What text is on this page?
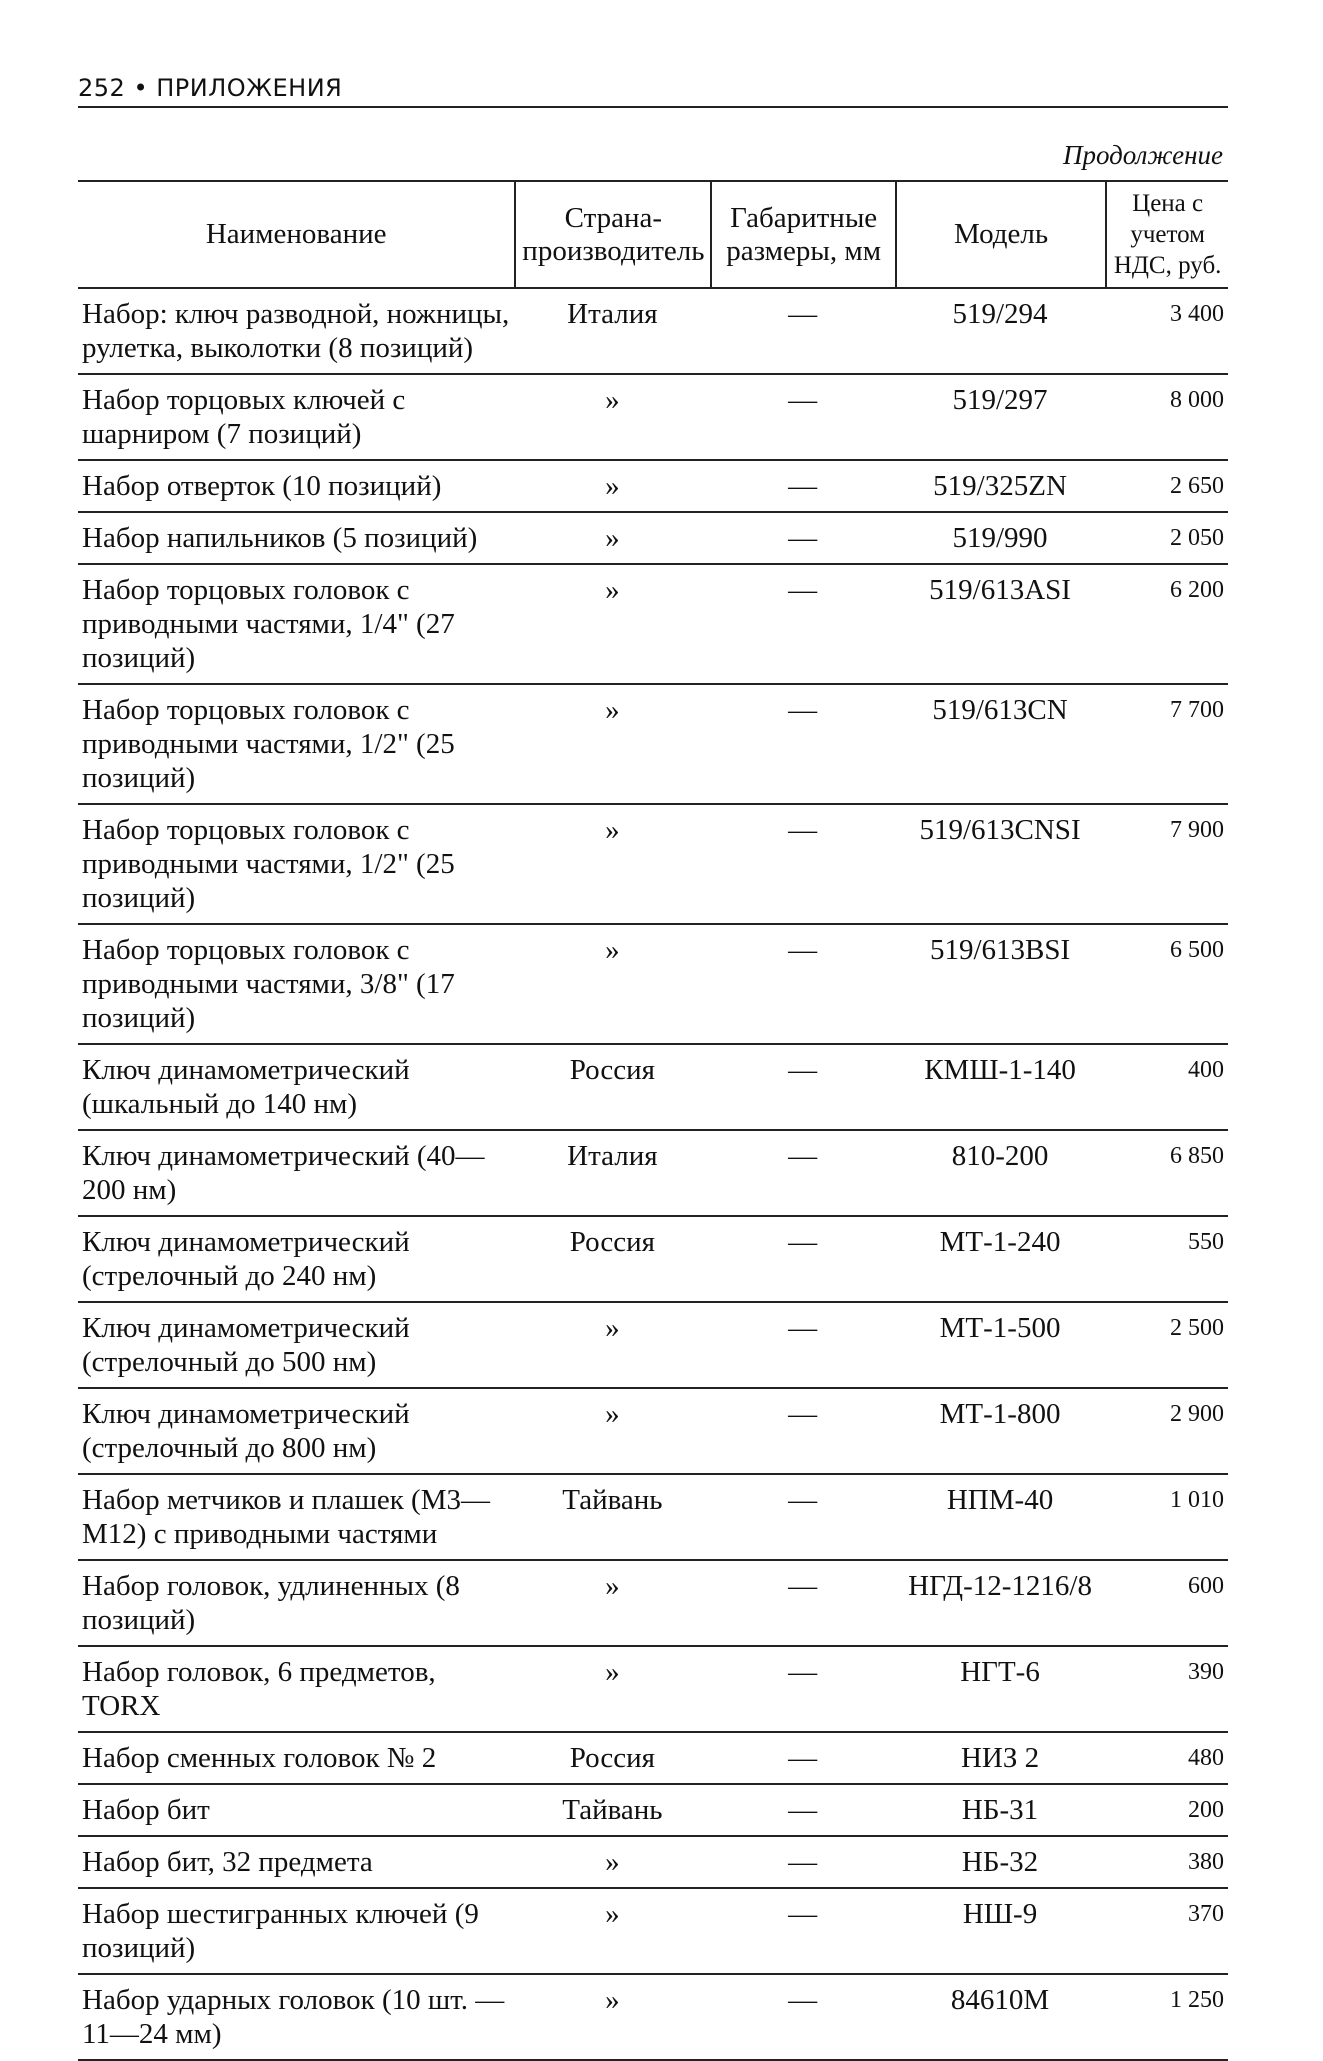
252 • ПРИЛОЖЕНИЯ
Продолжение
Наименование	Страна-производитель	Габаритные размеры, мм	Модель	Цена с учетом НДС, руб.
Набор: ключ разводной, ножницы, рулетка, выколотки (8 позиций)	Италия	—	519/294	3 400
Набор торцовых ключей с шарниром (7 позиций)	»	—	519/297	8 000
Набор отверток (10 позиций)	»	—	519/325ZN	2 650
Набор напильников (5 позиций)	»	—	519/990	2 050
Набор торцовых головок с приводными частями, 1/4" (27 позиций)	»	—	519/613ASI	6 200
Набор торцовых головок с приводными частями, 1/2" (25 позиций)	»	—	519/613CN	7 700
Набор торцовых головок с приводными частями, 1/2" (25 позиций)	»	—	519/613CNSI	7 900
Набор торцовых головок с приводными частями, 3/8" (17 позиций)	»	—	519/613BSI	6 500
Ключ динамометрический (шкальный до 140 нм)	Россия	—	КМШ-1-140	400
Ключ динамометрический (40—200 нм)	Италия	—	810-200	6 850
Ключ динамометрический (стрелочный до 240 нм)	Россия	—	МТ-1-240	550
Ключ динамометрический (стрелочный до 500 нм)	»	—	МТ-1-500	2 500
Ключ динамометрический (стрелочный до 800 нм)	»	—	МТ-1-800	2 900
Набор метчиков и плашек (М3—М12) с приводными частями	Тайвань	—	НПМ-40	1 010
Набор головок, удлиненных (8 позиций)	»	—	НГД-12-1216/8	600
Набор головок, 6 предметов, TORX	»	—	НГТ-6	390
Набор сменных головок № 2	Россия	—	НИЗ 2	480
Набор бит	Тайвань	—	НБ-31	200
Набор бит, 32 предмета	»	—	НБ-32	380
Набор шестигранных ключей (9 позиций)	»	—	НШ-9	370
Набор ударных головок (10 шт. — 11—24 мм)	»	—	84610М	1 250
